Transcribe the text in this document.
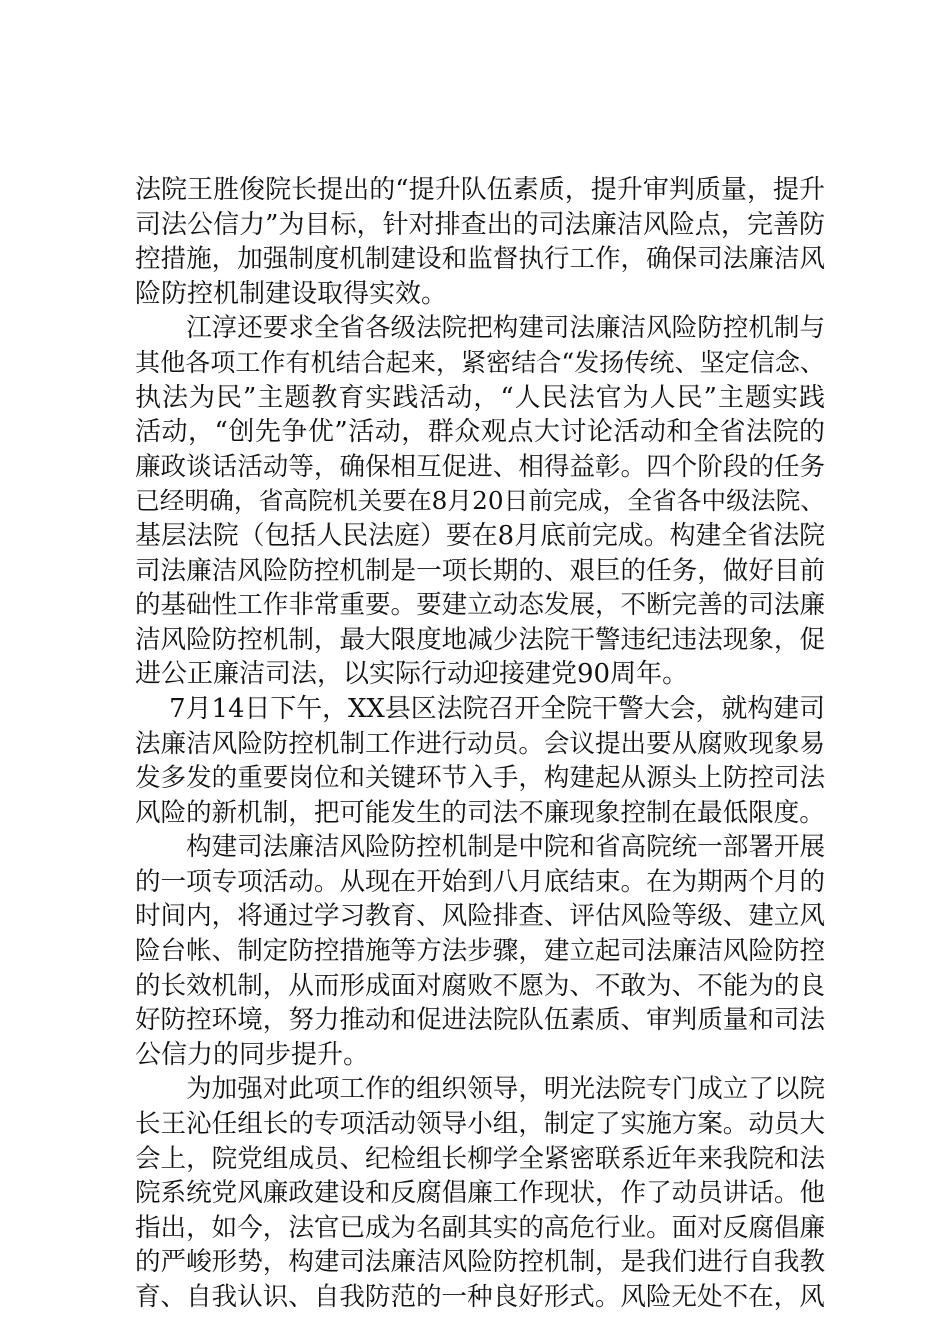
法院王胜俊院长提出的“提升队伍素质，提升审判质量，提升
司法公信力”为目标，针对排查出的司法廉洁风险点，完善防
控措施，加强制度机制建设和监督执行工作，确保司法廉洁风
险防控机制建设取得实效。
　　江淳还要求全省各级法院把构建司法廉洁风险防控机制与
其他各项工作有机结合起来，紧密结合“发扬传统、坚定信念、
执法为民”主题教育实践活动，“人民法官为人民”主题实践
活动，“创先争优”活动，群众观点大讨论活动和全省法院的
廉政谈话活动等，确保相互促进、相得益彰。四个阶段的任务
已经明确，省高院机关要在8月20日前完成，全省各中级法院、
基层法院（包括人民法庭）要在8月底前完成。构建全省法院
司法廉洁风险防控机制是一项长期的、艰巨的任务，做好目前
的基础性工作非常重要。要建立动态发展，不断完善的司法廉
洁风险防控机制，最大限度地减少法院干警违纪违法现象，促
进公正廉洁司法，以实际行动迎接建党90周年。
　 7月14日下午，XX县区法院召开全院干警大会，就构建司
法廉洁风险防控机制工作进行动员。会议提出要从腐败现象易
发多发的重要岗位和关键环节入手，构建起从源头上防控司法
风险的新机制，把可能发生的司法不廉现象控制在最低限度。
　　构建司法廉洁风险防控机制是中院和省高院统一部署开展
的一项专项活动。从现在开始到八月底结束。在为期两个月的
时间内，将通过学习教育、风险排查、评估风险等级、建立风
险台帐、制定防控措施等方法步骤，建立起司法廉洁风险防控
的长效机制，从而形成面对腐败不愿为、不敢为、不能为的良
好防控环境，努力推动和促进法院队伍素质、审判质量和司法
公信力的同步提升。
　　为加强对此项工作的组织领导，明光法院专门成立了以院
长王沁任组长的专项活动领导小组，制定了实施方案。动员大
会上，院党组成员、纪检组长柳学全紧密联系近年来我院和法
院系统党风廉政建设和反腐倡廉工作现状，作了动员讲话。他
指出，如今，法官已成为名副其实的高危行业。面对反腐倡廉
的严峻形势，构建司法廉洁风险防控机制，是我们进行自我教
育、自我认识、自我防范的一种良好形式。风险无处不在，风
